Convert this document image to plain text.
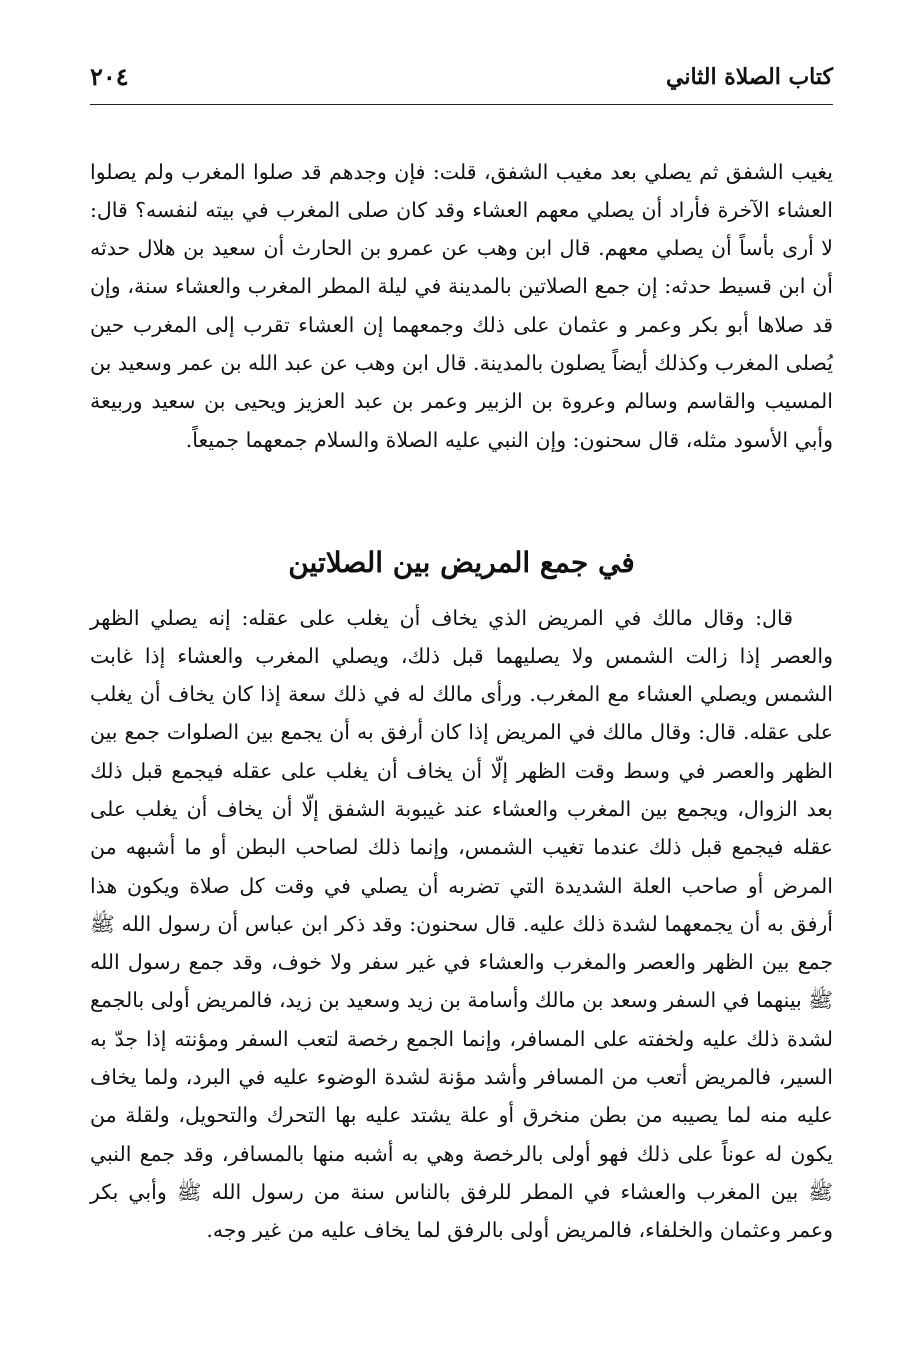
كتاب الصلاة الثاني
٢٠٤

يغيب الشفق ثم يصلي بعد مغيب الشفق، قلت: فإن وجدهم قد صلوا المغرب ولم يصلوا العشاء الآخرة فأراد أن يصلي معهم العشاء وقد كان صلى المغرب في بيته لنفسه؟ قال: لا أرى بأساً أن يصلي معهم. قال ابن وهب عن عمرو بن الحارث أن سعيد بن هلال حدثه أن ابن قسيط حدثه: إن جمع الصلاتين بالمدينة في ليلة المطر المغرب والعشاء سنة، وإن قد صلاها أبو بكر وعمر و عثمان على ذلك وجمعهما إن العشاء تقرب إلى المغرب حين يُصلى المغرب وكذلك أيضاً يصلون بالمدينة. قال ابن وهب عن عبد الله بن عمر وسعيد بن المسيب والقاسم وسالم وعروة بن الزبير وعمر بن عبد العزيز ويحيى بن سعيد وربيعة وأبي الأسود مثله، قال سحنون: وإن النبي عليه الصلاة والسلام جمعهما جميعاً.

في جمع المريض بين الصلاتين

قال: وقال مالك في المريض الذي يخاف أن يغلب على عقله: إنه يصلي الظهر والعصر إذا زالت الشمس ولا يصليهما قبل ذلك، ويصلي المغرب والعشاء إذا غابت الشمس ويصلي العشاء مع المغرب. ورأى مالك له في ذلك سعة إذا كان يخاف أن يغلب على عقله. قال: وقال مالك في المريض إذا كان أرفق به أن يجمع بين الصلوات جمع بين الظهر والعصر في وسط وقت الظهر إلّا أن يخاف أن يغلب على عقله فيجمع قبل ذلك بعد الزوال، ويجمع بين المغرب والعشاء عند غيبوبة الشفق إلّا أن يخاف أن يغلب على عقله فيجمع قبل ذلك عندما تغيب الشمس، وإنما ذلك لصاحب البطن أو ما أشبهه من المرض أو صاحب العلة الشديدة التي تضربه أن يصلي في وقت كل صلاة ويكون هذا أرفق به أن يجمعهما لشدة ذلك عليه. قال سحنون: وقد ذكر ابن عباس أن رسول الله ﷺ جمع بين الظهر والعصر والمغرب والعشاء في غير سفر ولا خوف، وقد جمع رسول الله ﷺ بينهما في السفر وسعد بن مالك وأسامة بن زيد وسعيد بن زيد، فالمريض أولى بالجمع لشدة ذلك عليه ولخفته على المسافر، وإنما الجمع رخصة لتعب السفر ومؤنته إذا جدّ به السير، فالمريض أتعب من المسافر وأشد مؤنة لشدة الوضوء عليه في البرد، ولما يخاف عليه منه لما يصيبه من بطن منخرق أو علة يشتد عليه بها التحرك والتحويل، ولقلة من يكون له عوناً على ذلك فهو أولى بالرخصة وهي به أشبه منها بالمسافر، وقد جمع النبي ﷺ بين المغرب والعشاء في المطر للرفق بالناس سنة من رسول الله ﷺ وأبي بكر وعمر وعثمان والخلفاء، فالمريض أولى بالرفق لما يخاف عليه من غير وجه.
